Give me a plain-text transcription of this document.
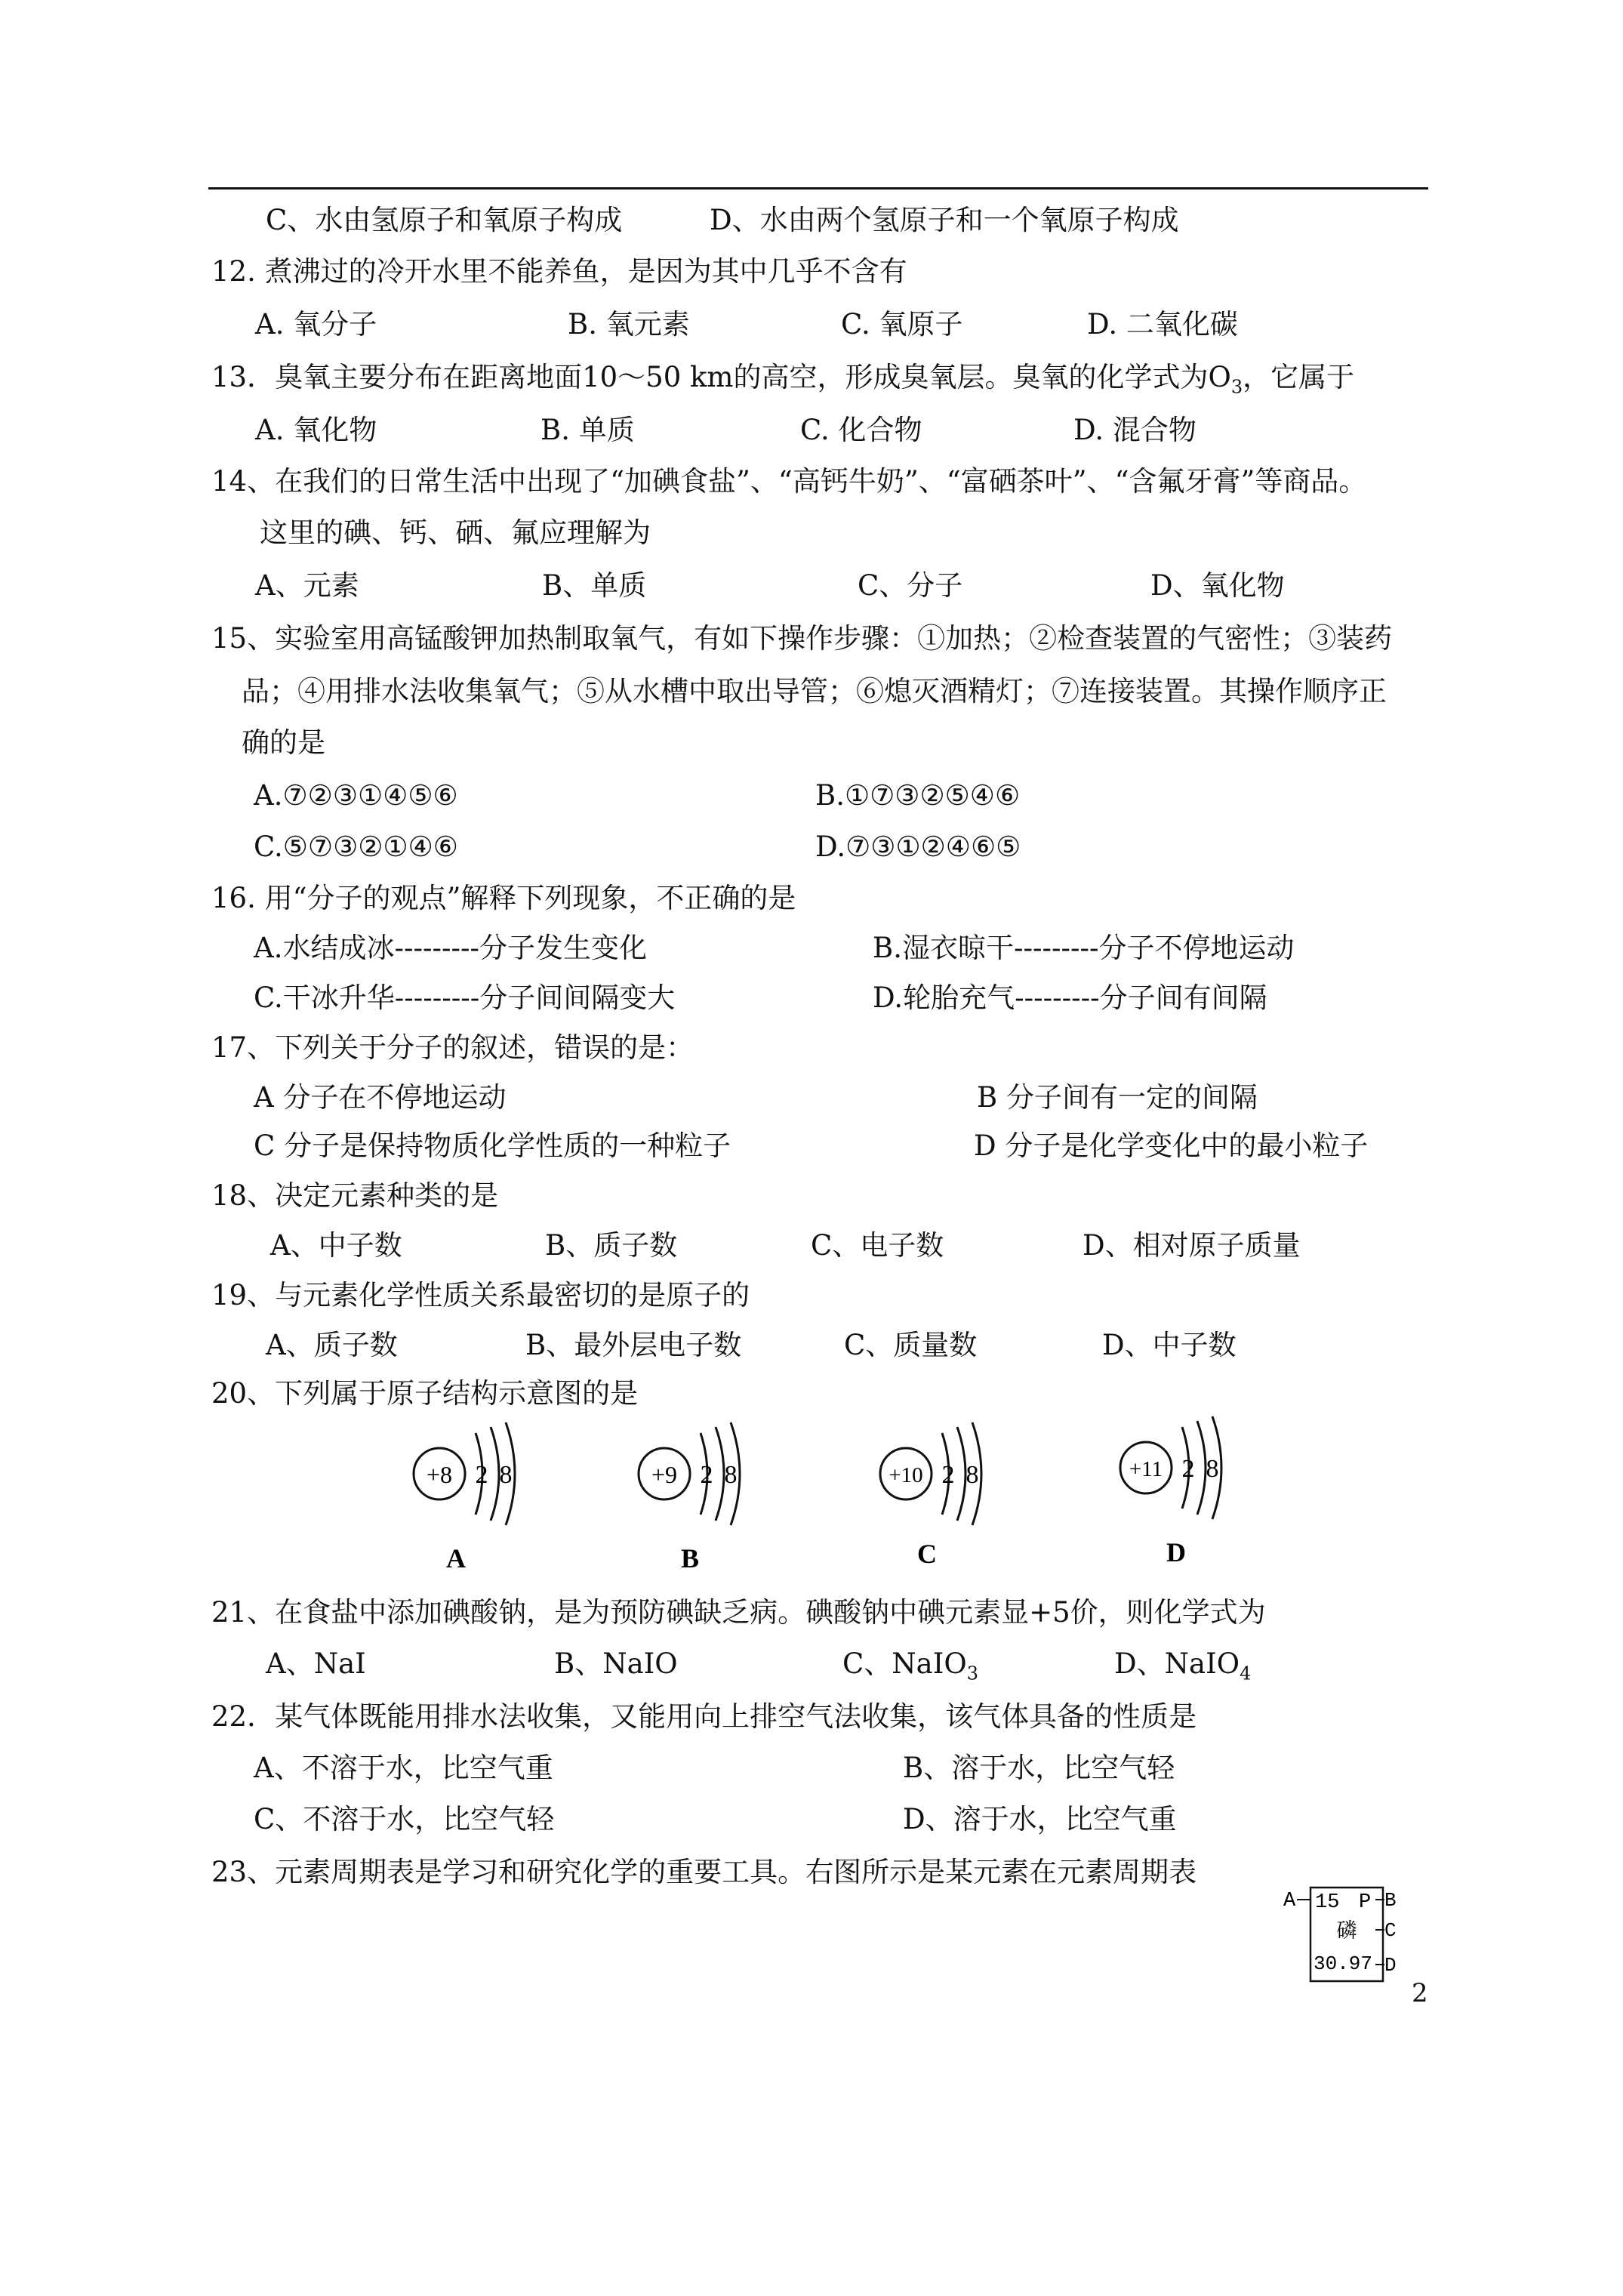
C、水由氢原子和氧原子构成	D、水由两个氢原子和一个氧原子构成
12. 煮沸过的冷开水里不能养鱼，是因为其中几乎不含有
A. 氧分子	B. 氧元素	C. 氧原子	D. 二氧化碳
13．臭氧主要分布在距离地面10～50 km的高空，形成臭氧层。臭氧的化学式为$O_3$，它属于
A. 氧化物	B. 单质	C. 化合物	D. 混合物
14、在我们的日常生活中出现了“加碘食盐”、“高钙牛奶”、“富硒茶叶”、“含氟牙膏”等商品。
这里的碘、钙、硒、氟应理解为
A、元素	B、单质	C、分子	D、氧化物
15、实验室用高锰酸钾加热制取氧气，有如下操作步骤：①加热；②检查装置的气密性；③装药
品；④用排水法收集氧气；⑤从水槽中取出导管；⑥熄灭酒精灯；⑦连接装置。其操作顺序正
确的是
A.⑦②③①④⑤⑥	B.①⑦③②⑤④⑥
C.⑤⑦③②①④⑥	D.⑦③①②④⑥⑤
16. 用“分子的观点”解释下列现象，不正确的是
A.水结成冰---------分子发生变化	B.湿衣晾干---------分子不停地运动
C.干冰升华---------分子间间隔变大	D.轮胎充气---------分子间有间隔
17、下列关于分子的叙述，错误的是：
A 分子在不停地运动	B 分子间有一定的间隔
C 分子是保持物质化学性质的一种粒子	D 分子是化学变化中的最小粒子
18、决定元素种类的是
A、中子数	B、质子数	C、电子数	D、相对原子质量
19、与元素化学性质关系最密切的是原子的
A、质子数	B、最外层电子数	C、质量数	D、中子数
20、下列属于原子结构示意图的是
+8 2 8
A
+9 2 8
B
+10 2 8
C
+11 2 8
D
21、在食盐中添加碘酸钠，是为预防碘缺乏病。碘酸钠中碘元素显+5价，则化学式为
A、NaI	B、NaIO	C、NaIO$_3$	D、NaIO$_4$
22．某气体既能用排水法收集，又能用向上排空气法收集，该气体具备的性质是
A、不溶于水，比空气重	B、溶于水，比空气轻
C、不溶于水，比空气轻	D、溶于水，比空气重
23、元素周期表是学习和研究化学的重要工具。右图所示是某元素在元素周期表
A 15 P
磷
30.97
B
C
D
2
